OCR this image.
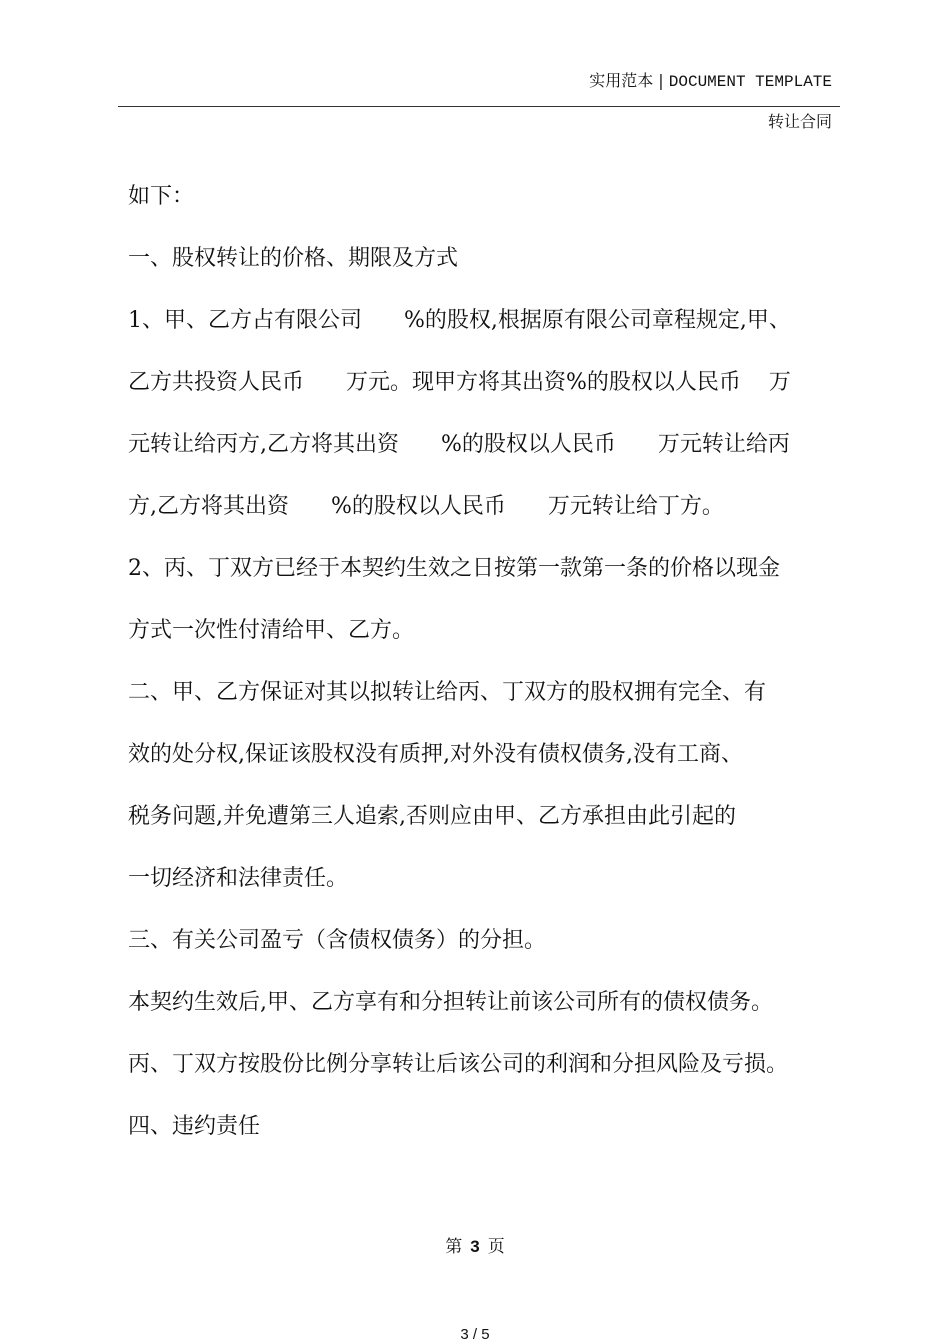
实用范本 | DOCUMENT TEMPLATE
转让合同
如下：
一、股权转让的价格、期限及方式
1、甲、乙方占有限公司      %的股权,根据原有限公司章程规定,甲、
乙方共投资人民币      万元。现甲方将其出资%的股权以人民币    万
元转让给丙方,乙方将其出资      %的股权以人民币      万元转让给丙
方,乙方将其出资      %的股权以人民币      万元转让给丁方。
2、丙、丁双方已经于本契约生效之日按第一款第一条的价格以现金
方式一次性付清给甲、乙方。
二、甲、乙方保证对其以拟转让给丙、丁双方的股权拥有完全、有
效的处分权,保证该股权没有质押,对外没有债权债务,没有工商、
税务问题,并免遭第三人追索,否则应由甲、乙方承担由此引起的
一切经济和法律责任。
三、有关公司盈亏（含债权债务）的分担。
本契约生效后,甲、乙方享有和分担转让前该公司所有的债权债务。
丙、丁双方按股份比例分享转让后该公司的利润和分担风险及亏损。
四、违约责任
第 3 页
3 / 5
